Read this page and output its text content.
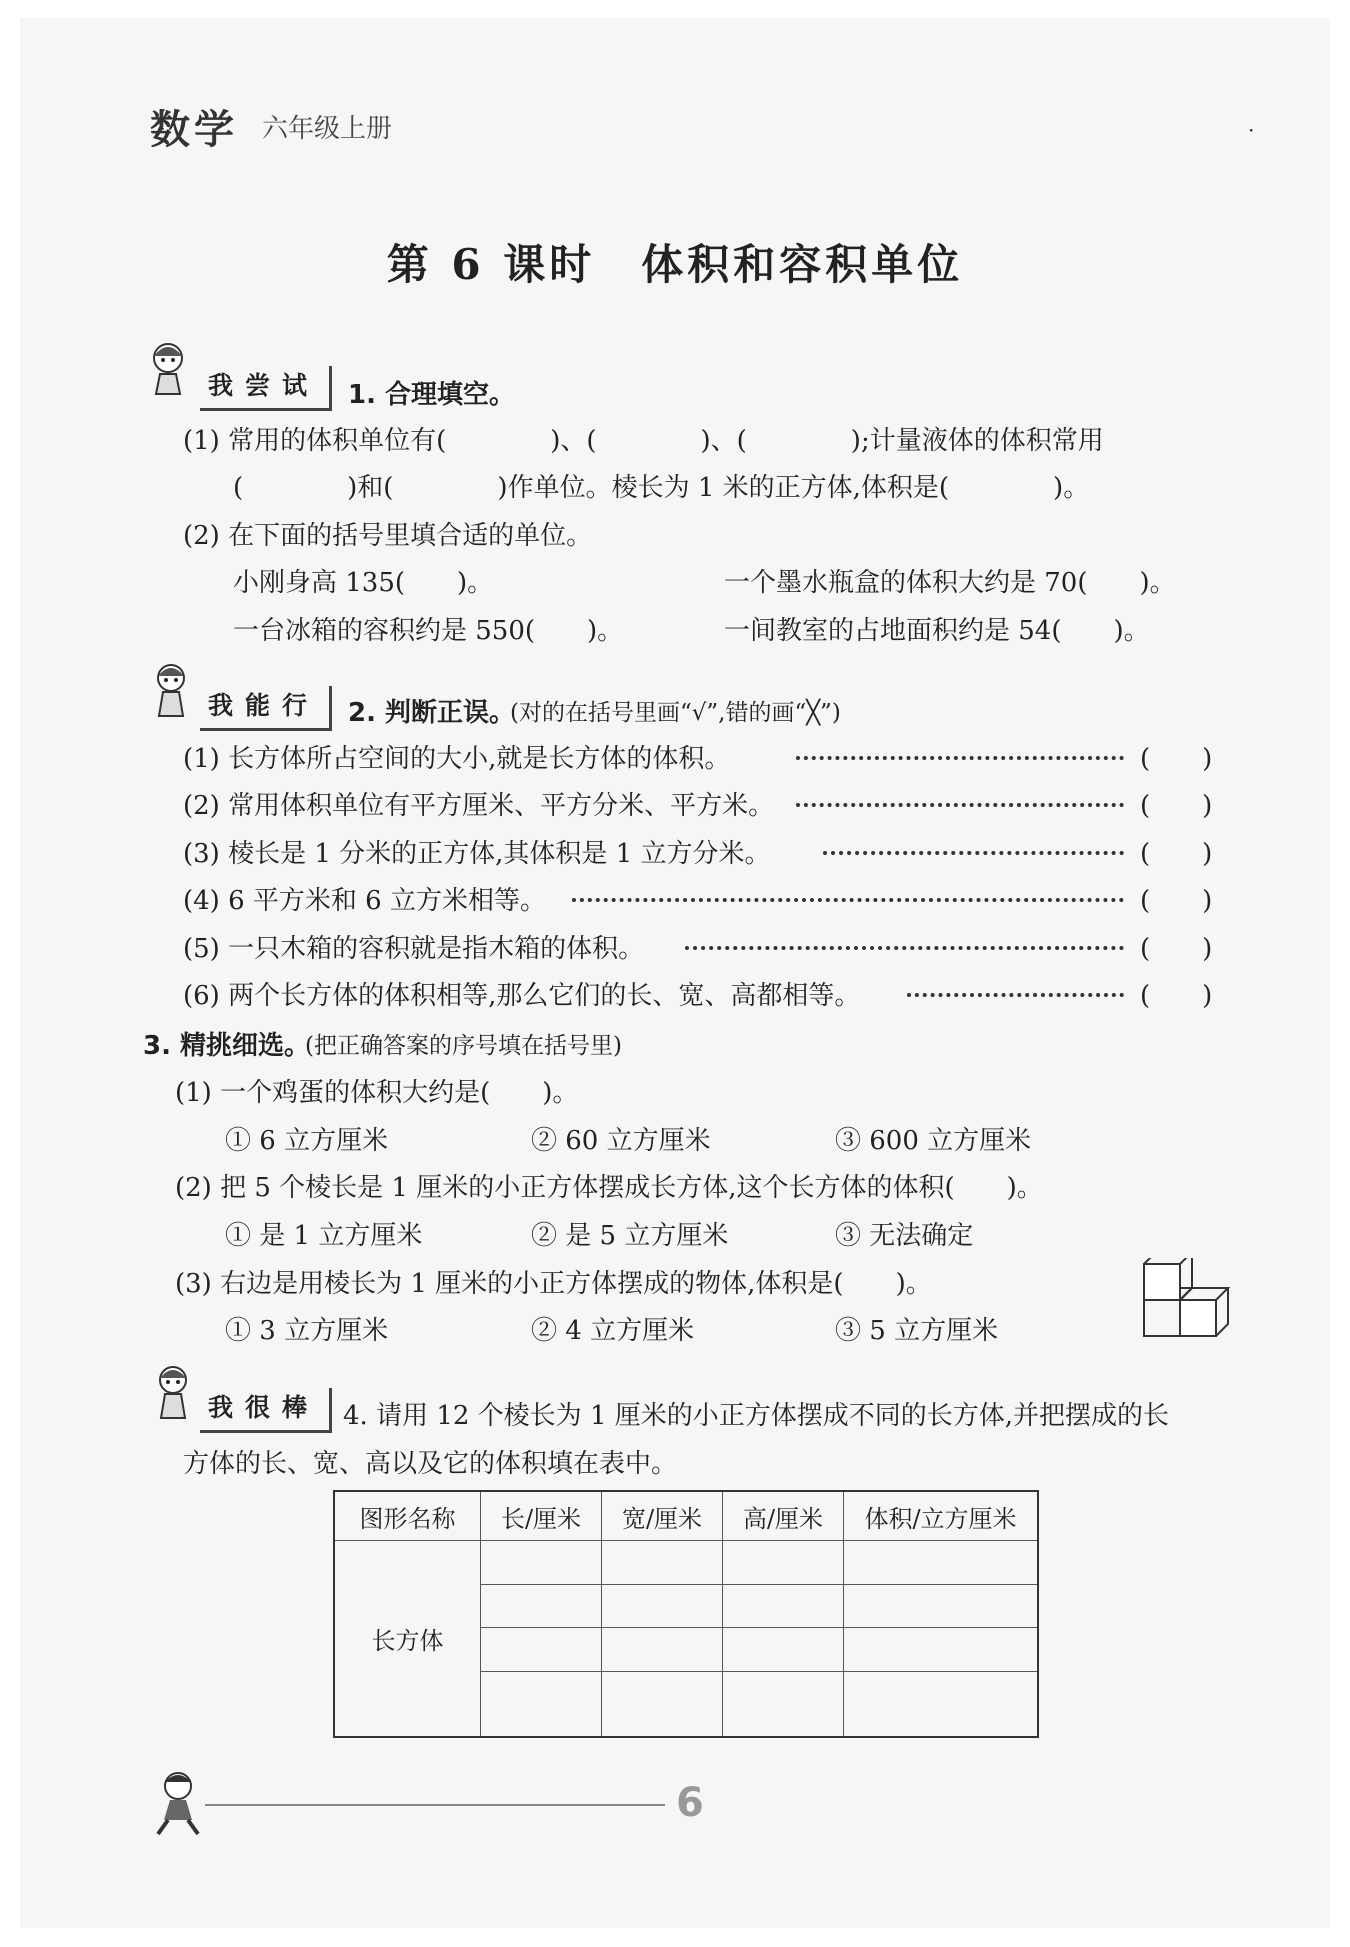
数学 六年级上册	·
第 6 课时　体积和容积单位
我尝试	1. 合理填空。
(1) 常用的体积单位有(　　　　)、(　　　　)、(　　　　);计量液体的体积常用
(　　　　)和(　　　　)作单位。棱长为 1 米的正方体,体积是(　　　　)。
(2) 在下面的括号里填合适的单位。
小刚身高 135(　　)。	一个墨水瓶盒的体积大约是 70(　　)。
一台冰箱的容积约是 550(　　)。	一间教室的占地面积约是 54(　　)。
我能行	2. 判断正误。
(对的在括号里画“√”,错的画“╳”)
(1) 长方体所占空间的大小,就是长方体的体积。	(　　)
(2) 常用体积单位有平方厘米、平方分米、平方米。	(　　)
(3) 棱长是 1 分米的正方体,其体积是 1 立方分米。	(　　)
(4) 6 平方米和 6 立方米相等。	(　　)
(5) 一只木箱的容积就是指木箱的体积。	(　　)
(6) 两个长方体的体积相等,那么它们的长、宽、高都相等。	(　　)
3. 精挑细选。
(把正确答案的序号填在括号里)
(1) 一个鸡蛋的体积大约是(　　)。
① 6 立方厘米	② 60 立方厘米	③ 600 立方厘米
(2) 把 5 个棱长是 1 厘米的小正方体摆成长方体,这个长方体的体积(　　)。
① 是 1 立方厘米	② 是 5 立方厘米	③ 无法确定
(3) 右边是用棱长为 1 厘米的小正方体摆成的物体,体积是(　　)。
① 3 立方厘米	② 4 立方厘米	③ 5 立方厘米
我很棒 4. 请用 12 个棱长为 1 厘米的小正方体摆成不同的长方体,并把摆成的长
方体的长、宽、高以及它的体积填在表中。
图形名称	长/厘米	宽/厘米	高/厘米	体积/立方厘米
长方体				

6
